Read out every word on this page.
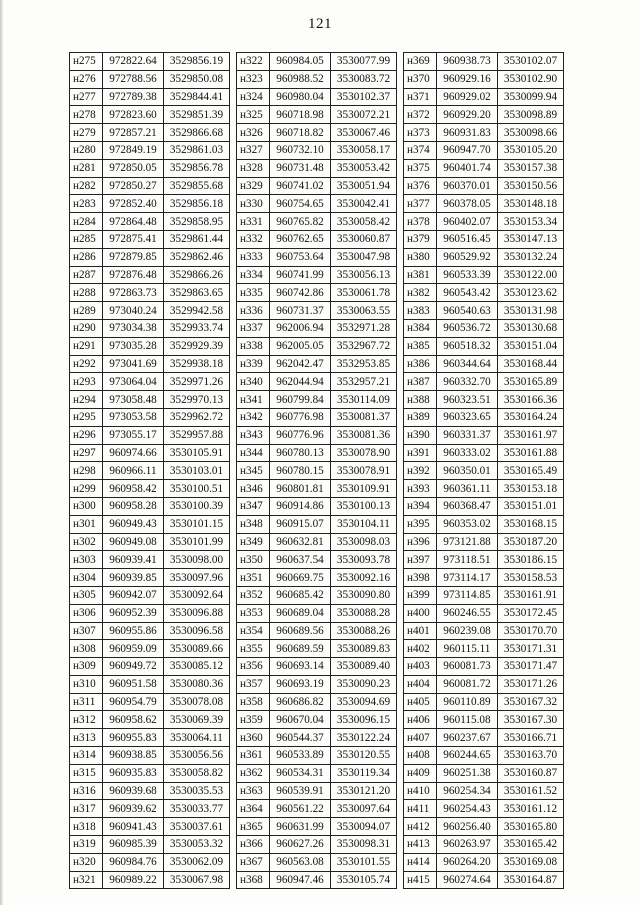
121
н275	972822.64	3529856.19
н276	972788.56	3529850.08
н277	972789.38	3529844.41
н278	972823.60	3529851.39
н279	972857.21	3529866.68
н280	972849.19	3529861.03
н281	972850.05	3529856.78
н282	972850.27	3529855.68
н283	972852.40	3529856.18
н284	972864.48	3529858.95
н285	972875.41	3529861.44
н286	972879.85	3529862.46
н287	972876.48	3529866.26
н288	972863.73	3529863.65
н289	973040.24	3529942.58
н290	973034.38	3529933.74
н291	973035.28	3529929.39
н292	973041.69	3529938.18
н293	973064.04	3529971.26
н294	973058.48	3529970.13
н295	973053.58	3529962.72
н296	973055.17	3529957.88
н297	960974.66	3530105.91
н298	960966.11	3530103.01
н299	960958.42	3530100.51
н300	960958.28	3530100.39
н301	960949.43	3530101.15
н302	960949.08	3530101.99
н303	960939.41	3530098.00
н304	960939.85	3530097.96
н305	960942.07	3530092.64
н306	960952.39	3530096.88
н307	960955.86	3530096.58
н308	960959.09	3530089.66
н309	960949.72	3530085.12
н310	960951.58	3530080.36
н311	960954.79	3530078.08
н312	960958.62	3530069.39
н313	960955.83	3530064.11
н314	960938.85	3530056.56
н315	960935.83	3530058.82
н316	960939.68	3530035.53
н317	960939.62	3530033.77
н318	960941.43	3530037.61
н319	960985.39	3530053.32
н320	960984.76	3530062.09
н321	960989.22	3530067.98
н322	960984.05	3530077.99
н323	960988.52	3530083.72
н324	960980.04	3530102.37
н325	960718.98	3530072.21
н326	960718.82	3530067.46
н327	960732.10	3530058.17
н328	960731.48	3530053.42
н329	960741.02	3530051.94
н330	960754.65	3530042.41
н331	960765.82	3530058.42
н332	960762.65	3530060.87
н333	960753.64	3530047.98
н334	960741.99	3530056.13
н335	960742.86	3530061.78
н336	960731.37	3530063.55
н337	962006.94	3532971.28
н338	962005.05	3532967.72
н339	962042.47	3532953.85
н340	962044.94	3532957.21
н341	960799.84	3530114.09
н342	960776.98	3530081.37
н343	960776.96	3530081.36
н344	960780.13	3530078.90
н345	960780.15	3530078.91
н346	960801.81	3530109.91
н347	960914.86	3530100.13
н348	960915.07	3530104.11
н349	960632.81	3530098.03
н350	960637.54	3530093.78
н351	960669.75	3530092.16
н352	960685.42	3530090.80
н353	960689.04	3530088.28
н354	960689.56	3530088.26
н355	960689.59	3530089.83
н356	960693.14	3530089.40
н357	960693.19	3530090.23
н358	960686.82	3530094.69
н359	960670.04	3530096.15
н360	960544.37	3530122.24
н361	960533.89	3530120.55
н362	960534.31	3530119.34
н363	960539.91	3530121.20
н364	960561.22	3530097.64
н365	960631.99	3530094.07
н366	960627.26	3530098.31
н367	960563.08	3530101.55
н368	960947.46	3530105.74
н369	960938.73	3530102.07
н370	960929.16	3530102.90
н371	960929.02	3530099.94
н372	960929.20	3530098.89
н373	960931.83	3530098.66
н374	960947.70	3530105.20
н375	960401.74	3530157.38
н376	960370.01	3530150.56
н377	960378.05	3530148.18
н378	960402.07	3530153.34
н379	960516.45	3530147.13
н380	960529.92	3530132.24
н381	960533.39	3530122.00
н382	960543.42	3530123.62
н383	960540.63	3530131.98
н384	960536.72	3530130.68
н385	960518.32	3530151.04
н386	960344.64	3530168.44
н387	960332.70	3530165.89
н388	960323.51	3530166.36
н389	960323.65	3530164.24
н390	960331.37	3530161.97
н391	960333.02	3530161.88
н392	960350.01	3530165.49
н393	960361.11	3530153.18
н394	960368.47	3530151.01
н395	960353.02	3530168.15
н396	973121.88	3530187.20
н397	973118.51	3530186.15
н398	973114.17	3530158.53
н399	973114.85	3530161.91
н400	960246.55	3530172.45
н401	960239.08	3530170.70
н402	960115.11	3530171.31
н403	960081.73	3530171.47
н404	960081.72	3530171.26
н405	960110.89	3530167.32
н406	960115.08	3530167.30
н407	960237.67	3530166.71
н408	960244.65	3530163.70
н409	960251.38	3530160.87
н410	960254.34	3530161.52
н411	960254.43	3530161.12
н412	960256.40	3530165.80
н413	960263.97	3530165.42
н414	960264.20	3530169.08
н415	960274.64	3530164.87
